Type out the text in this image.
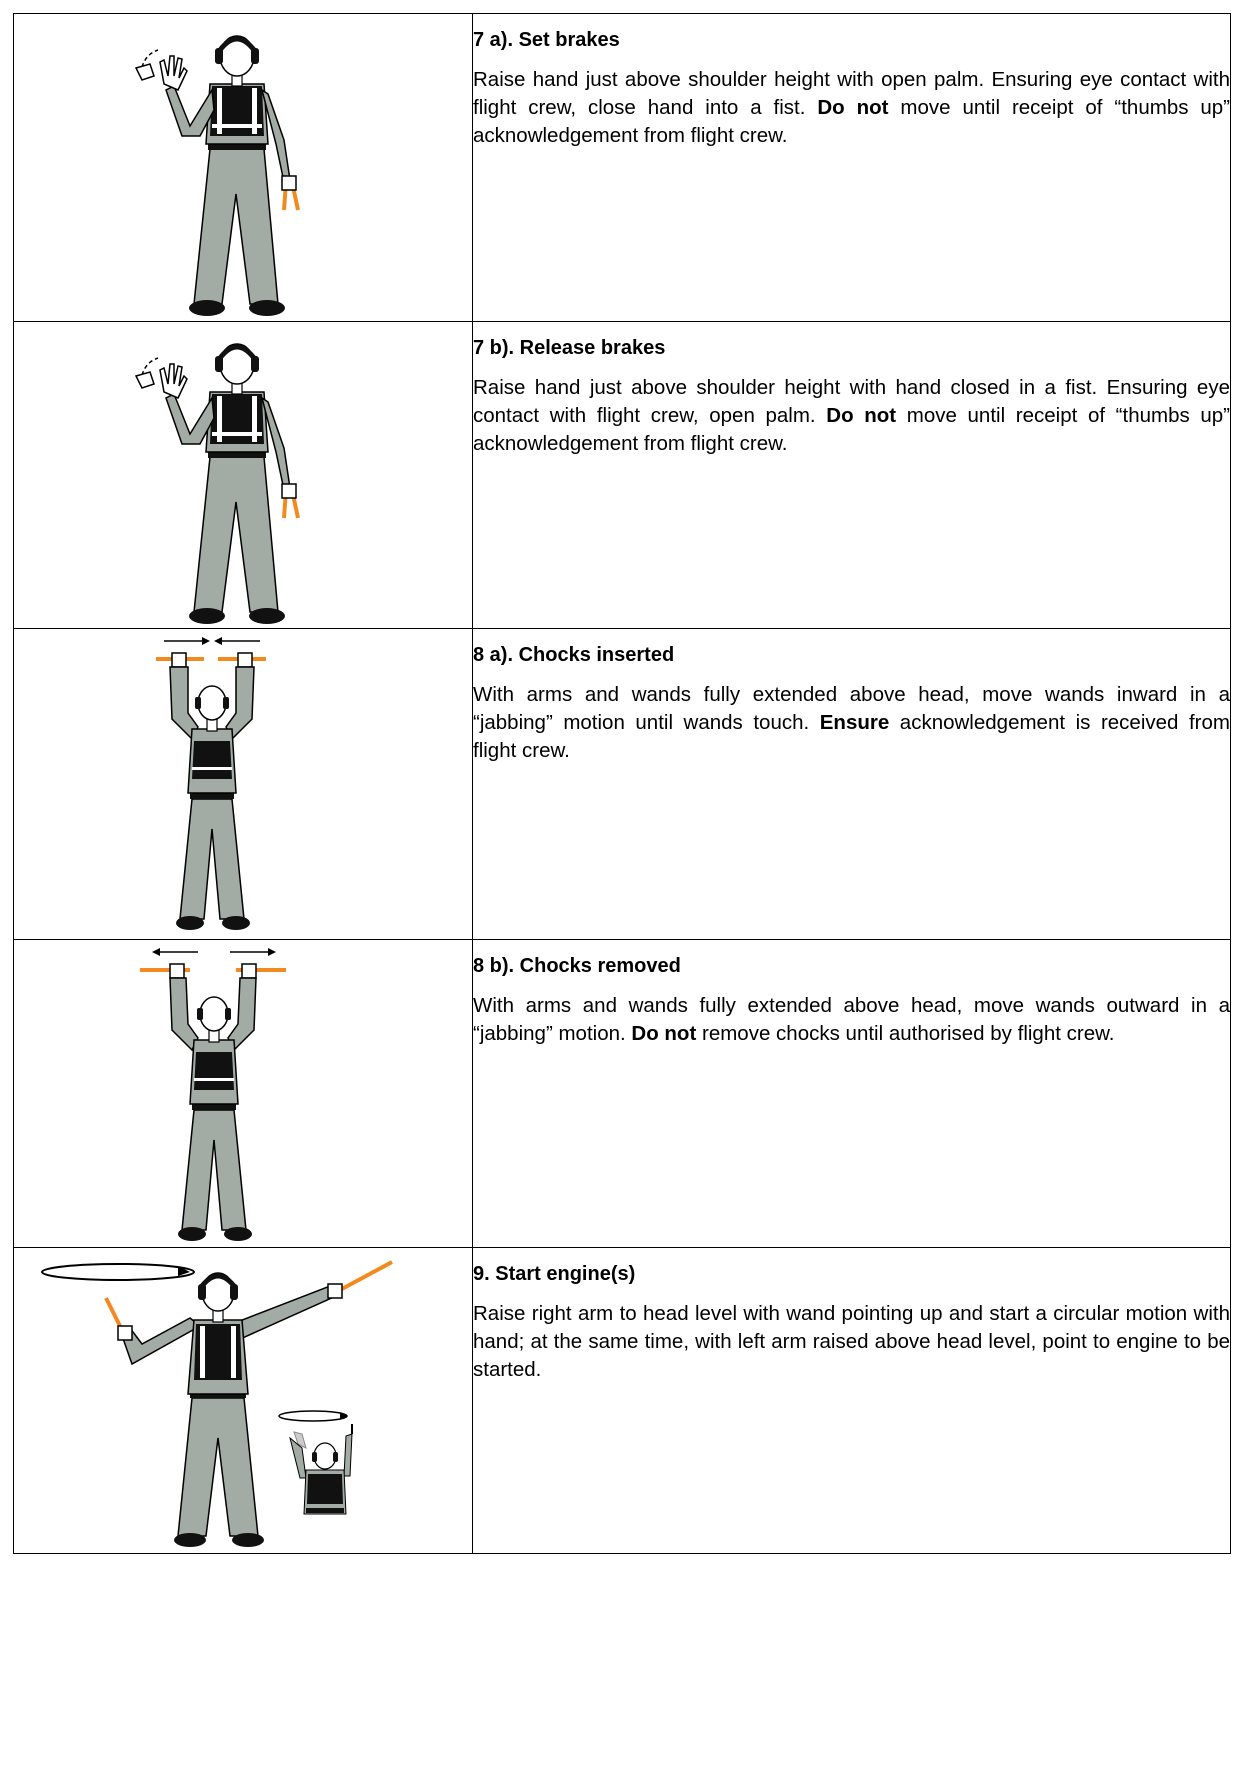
7 a). Set brakes

Raise hand just above shoulder height with open palm. Ensuring eye contact with flight crew, close hand into a fist. Do not move until receipt of “thumbs up” acknowledgement from flight crew.

7 b). Release brakes

Raise hand just above shoulder height with hand closed in a fist. Ensuring eye contact with flight crew, open palm. Do not move until receipt of “thumbs up” acknowledgement from flight crew.

8 a). Chocks inserted

With arms and wands fully extended above head, move wands inward in a “jabbing” motion until wands touch. Ensure acknowledgement is received from flight crew.

8 b). Chocks removed

With arms and wands fully extended above head, move wands outward in a “jabbing” motion. Do not remove chocks until authorised by flight crew.

9. Start engine(s)

Raise right arm to head level with wand pointing up and start a circular motion with hand; at the same time, with left arm raised above head level, point to engine to be started.
